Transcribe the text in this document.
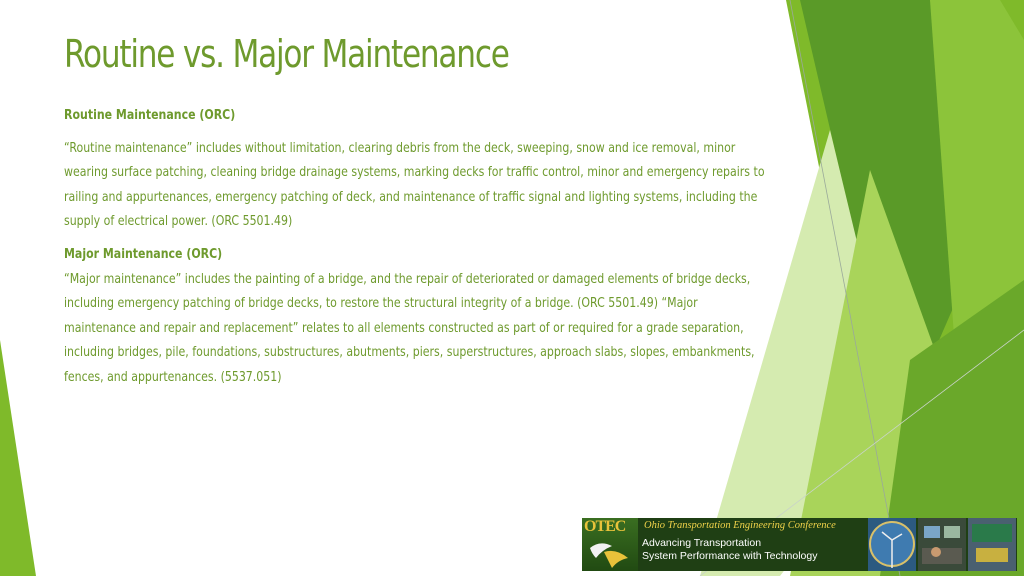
Routine vs. Major Maintenance

Routine Maintenance (ORC)

“Routine maintenance” includes without limitation, clearing debris from the deck, sweeping, snow and ice removal, minor wearing surface patching, cleaning bridge drainage systems, marking decks for traffic control, minor and emergency repairs to railing and appurtenances, emergency patching of deck, and maintenance of traffic signal and lighting systems, including the supply of electrical power. (ORC 5501.49)

Major Maintenance (ORC)

“Major maintenance” includes the painting of a bridge, and the repair of deteriorated or damaged elements of bridge decks, including emergency patching of bridge decks, to restore the structural integrity of a bridge. (ORC 5501.49) “Major maintenance and repair and replacement” relates to all elements constructed as part of or required for a grade separation, including bridges, pile, foundations, substructures, abutments, piers, superstructures, approach slabs, slopes, embankments, fences, and appurtenances. (5537.051)

OTEC Ohio Transportation Engineering Conference
Advancing Transportation
System Performance with Technology
